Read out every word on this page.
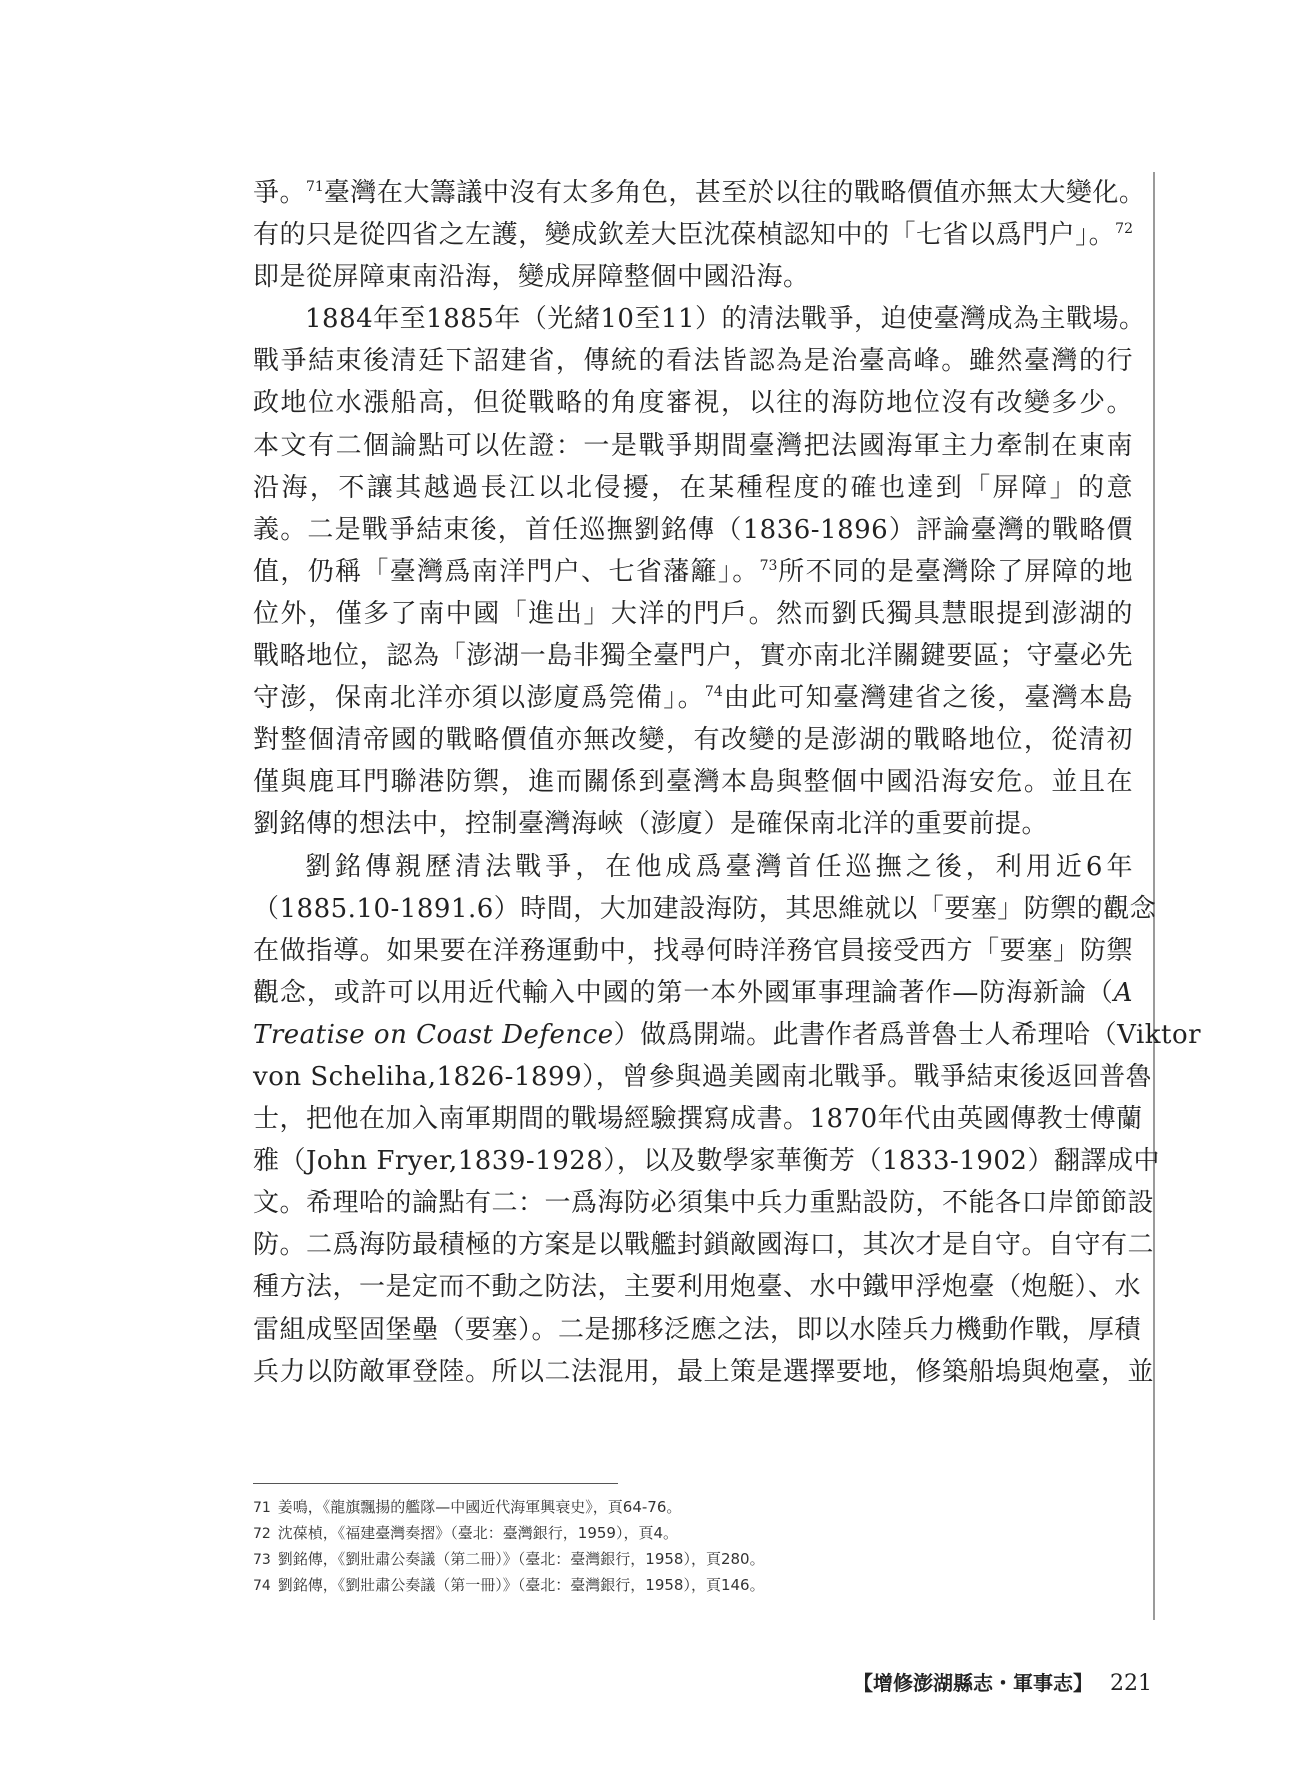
爭。$^{71}$臺灣在大籌議中沒有太多角色，甚至於以往的戰略價值亦無太大變化。
有的只是從四省之左護，變成欽差大臣沈葆楨認知中的「七省以爲門户」。$^{72}$
即是從屏障東南沿海，變成屏障整個中國沿海。
1884年至1885年（光緒10至11）的清法戰爭，迫使臺灣成為主戰場。
戰爭結束後清廷下詔建省，傳統的看法皆認為是治臺高峰。雖然臺灣的行
政地位水漲船高，但從戰略的角度審視，以往的海防地位沒有改變多少。
本文有二個論點可以佐證：一是戰爭期間臺灣把法國海軍主力牽制在東南
沿海，不讓其越過長江以北侵擾，在某種程度的確也達到「屏障」的意
義。二是戰爭結束後，首任巡撫劉銘傳（1836-1896）評論臺灣的戰略價
值，仍稱「臺灣爲南洋門户、七省藩籬」。$^{73}$所不同的是臺灣除了屏障的地
位外，僅多了南中國「進出」大洋的門戶。然而劉氏獨具慧眼提到澎湖的
戰略地位，認為「澎湖一島非獨全臺門户，實亦南北洋關鍵要區；守臺必先
守澎，保南北洋亦須以澎廈爲筦備」。$^{74}$由此可知臺灣建省之後，臺灣本島
對整個清帝國的戰略價值亦無改變，有改變的是澎湖的戰略地位，從清初
僅與鹿耳門聯港防禦，進而關係到臺灣本島與整個中國沿海安危。並且在
劉銘傳的想法中，控制臺灣海峽（澎廈）是確保南北洋的重要前提。
劉銘傳親歷清法戰爭，在他成爲臺灣首任巡撫之後，利用近6年
（1885.10-1891.6）時間，大加建設海防，其思維就以「要塞」防禦的觀念
在做指導。如果要在洋務運動中，找尋何時洋務官員接受西方「要塞」防禦
觀念，或許可以用近代輸入中國的第一本外國軍事理論著作—防海新論（A
Treatise on Coast Defence）做爲開端。此書作者爲普魯士人希理哈（Viktor
von Scheliha,1826-1899），曾參與過美國南北戰爭。戰爭結束後返回普魯
士，把他在加入南軍期間的戰場經驗撰寫成書。1870年代由英國傳教士傅蘭
雅（John Fryer,1839-1928），以及數學家華衡芳（1833-1902）翻譯成中
文。希理哈的論點有二：一爲海防必須集中兵力重點設防，不能各口岸節節設
防。二爲海防最積極的方案是以戰艦封鎖敵國海口，其次才是自守。自守有二
種方法，一是定而不動之防法，主要利用炮臺、水中鐵甲浮炮臺（炮艇）、水
雷組成堅固堡壘（要塞）。二是挪移泛應之法，即以水陸兵力機動作戰，厚積
兵力以防敵軍登陸。所以二法混用，最上策是選擇要地，修築船塢與炮臺，並
71 姜鳴，《龍旗飄揚的艦隊—中國近代海軍興衰史》，頁64-76。
72 沈葆楨，《福建臺灣奏摺》（臺北：臺灣銀行，1959），頁4。
73 劉銘傳，《劉壯肅公奏議（第二冊）》（臺北：臺灣銀行，1958），頁280。
74 劉銘傳，《劉壯肅公奏議（第一冊）》（臺北：臺灣銀行，1958），頁146。
【增修澎湖縣志・軍事志】 221
